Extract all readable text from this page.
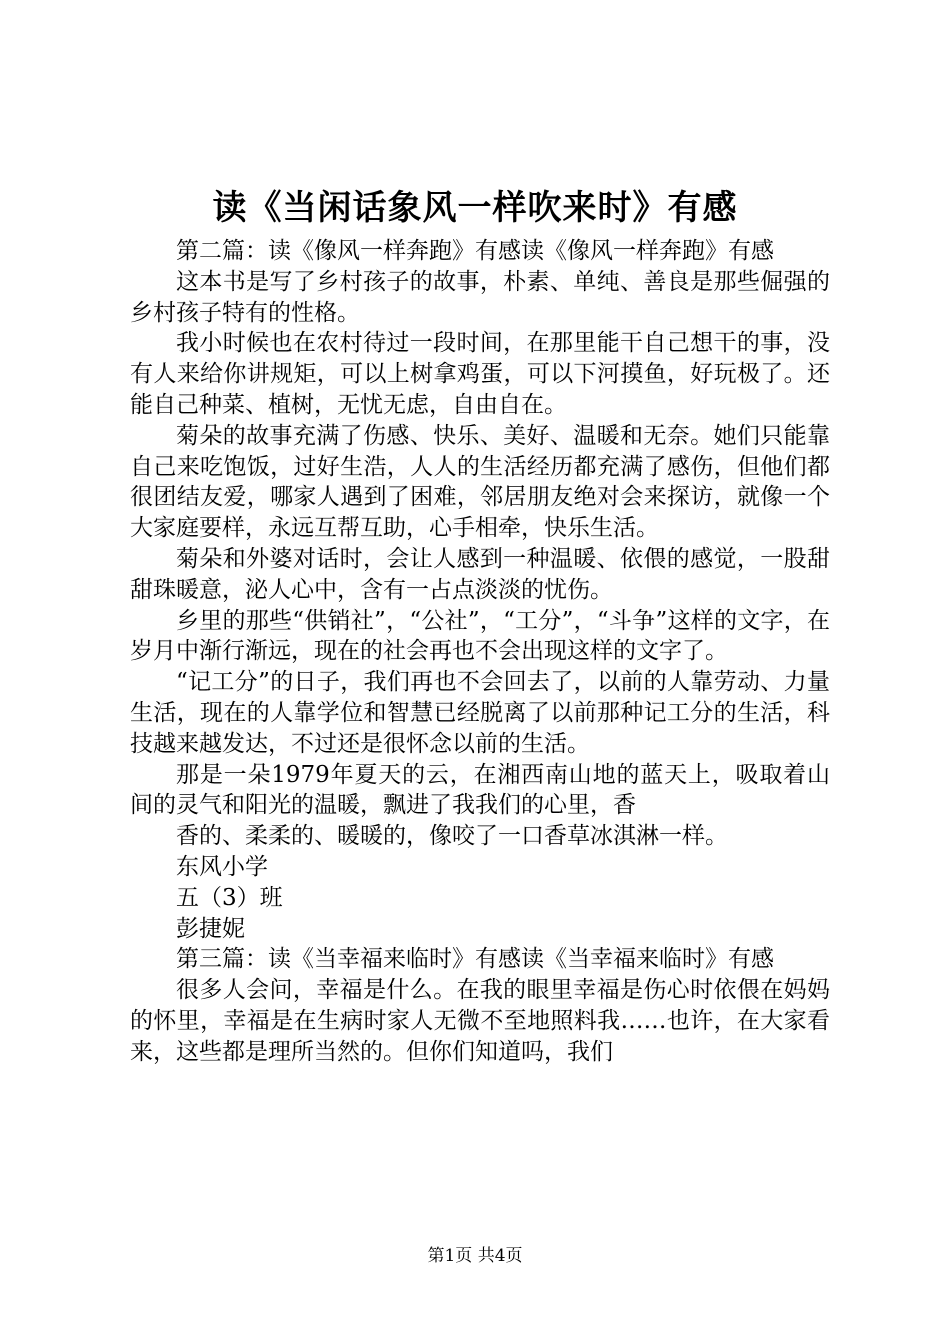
读《当闲话象风一样吹来时》有感

第二篇：读《像风一样奔跑》有感读《像风一样奔跑》有感

这本书是写了乡村孩子的故事，朴素、单纯、善良是那些倔强的乡村孩子特有的性格。

我小时候也在农村待过一段时间，在那里能干自己想干的事，没有人来给你讲规矩，可以上树拿鸡蛋，可以下河摸鱼，好玩极了。还能自己种菜、植树，无忧无虑，自由自在。

菊朵的故事充满了伤感、快乐、美好、温暖和无奈。她们只能靠自己来吃饱饭，过好生浩，人人的生活经历都充满了感伤，但他们都很团结友爱，哪家人遇到了困难，邻居朋友绝对会来探访，就像一个大家庭要样，永远互帮互助，心手相牵，快乐生活。

菊朵和外婆对话时，会让人感到一种温暖、依偎的感觉，一股甜甜珠暖意，泌人心中，含有一占点淡淡的忧伤。

乡里的那些“供销社”，“公社”，“工分”，“斗争”这样的文字，在岁月中渐行渐远，现在的社会再也不会出现这样的文字了。

“记工分”的日子，我们再也不会回去了，以前的人靠劳动、力量生活，现在的人靠学位和智慧已经脱离了以前那种记工分的生活，科技越来越发达，不过还是很怀念以前的生活。

那是一朵1979年夏天的云，在湘西南山地的蓝天上，吸取着山间的灵气和阳光的温暖，飘进了我我们的心里，香

香的、柔柔的、暖暖的，像咬了一口香草冰淇淋一样。

东风小学

五（3）班

彭捷妮

第三篇：读《当幸福来临时》有感读《当幸福来临时》有感

很多人会问，幸福是什么。在我的眼里幸福是伤心时依偎在妈妈的怀里，幸福是在生病时家人无微不至地照料我……也许，在大家看来，这些都是理所当然的。但你们知道吗，我们

第1页 共4页
